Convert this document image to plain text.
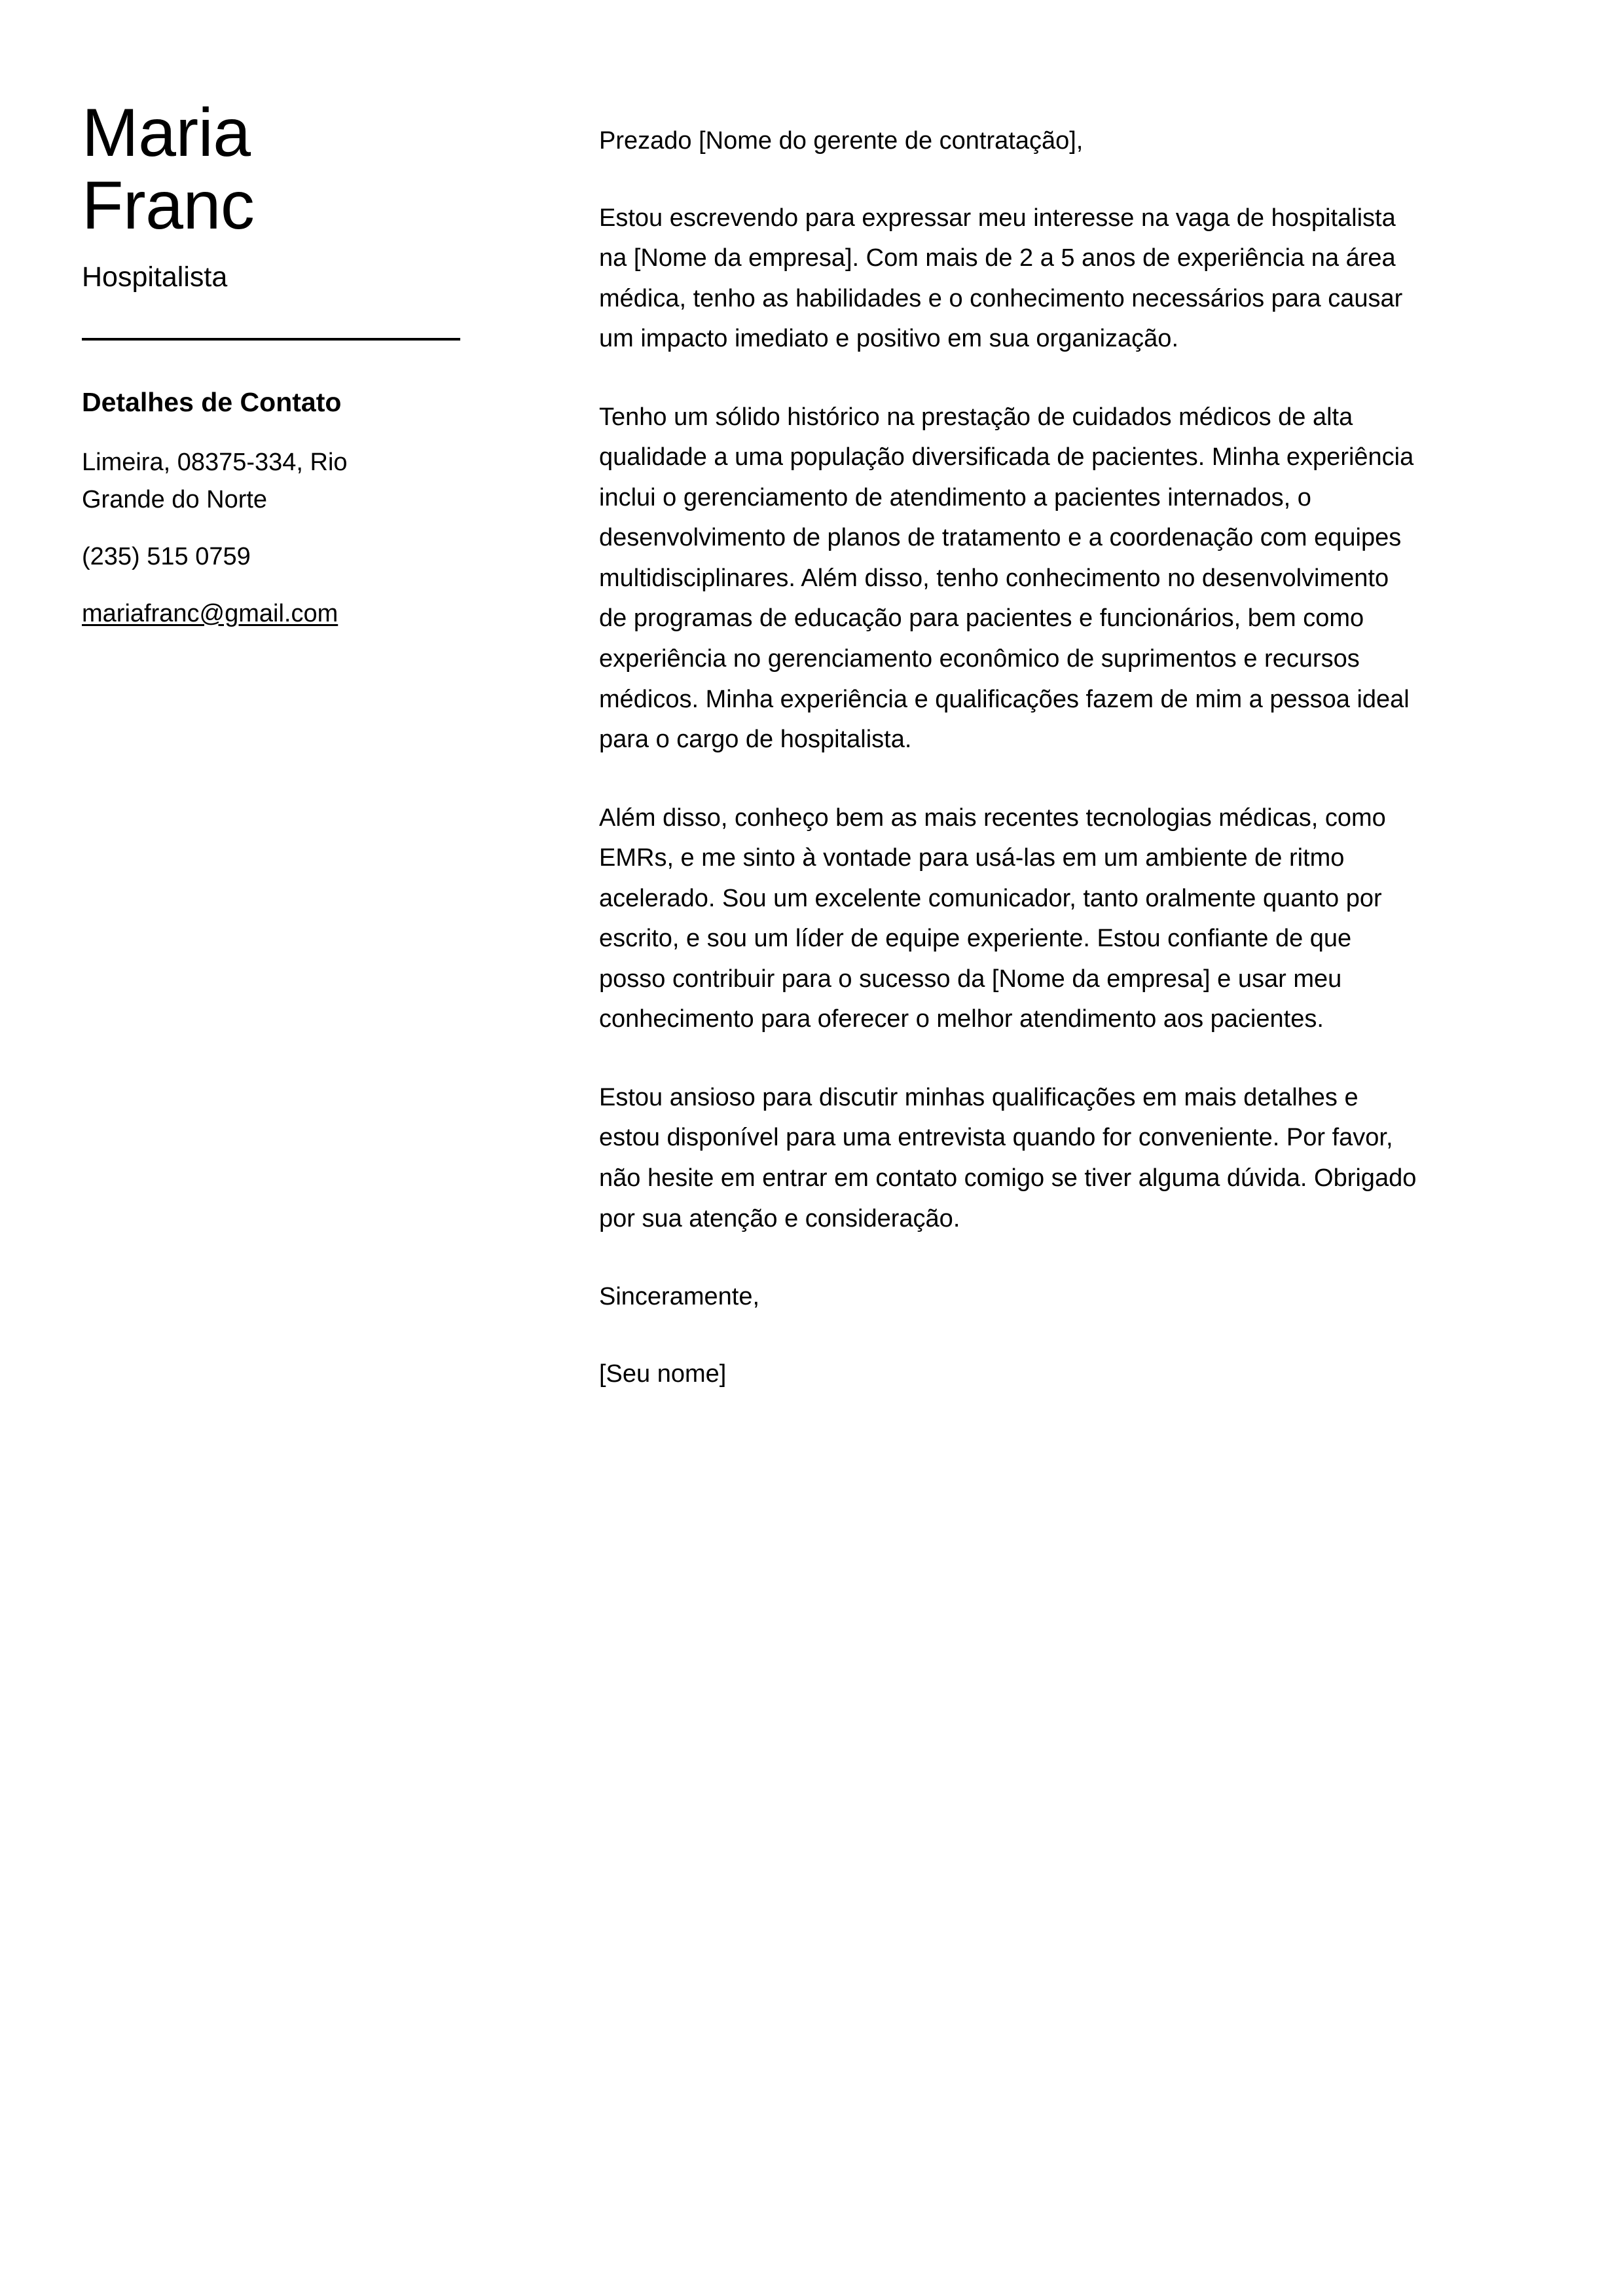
Maria
Franc
Hospitalista
Detalhes de Contato
Limeira, 08375-334, Rio Grande do Norte
(235) 515 0759
mariafranc@gmail.com

Prezado [Nome do gerente de contratação],

Estou escrevendo para expressar meu interesse na vaga de hospitalista na [Nome da empresa]. Com mais de 2 a 5 anos de experiência na área médica, tenho as habilidades e o conhecimento necessários para causar um impacto imediato e positivo em sua organização.

Tenho um sólido histórico na prestação de cuidados médicos de alta qualidade a uma população diversificada de pacientes. Minha experiência inclui o gerenciamento de atendimento a pacientes internados, o desenvolvimento de planos de tratamento e a coordenação com equipes multidisciplinares. Além disso, tenho conhecimento no desenvolvimento de programas de educação para pacientes e funcionários, bem como experiência no gerenciamento econômico de suprimentos e recursos médicos. Minha experiência e qualificações fazem de mim a pessoa ideal para o cargo de hospitalista.

Além disso, conheço bem as mais recentes tecnologias médicas, como EMRs, e me sinto à vontade para usá-las em um ambiente de ritmo acelerado. Sou um excelente comunicador, tanto oralmente quanto por escrito, e sou um líder de equipe experiente. Estou confiante de que posso contribuir para o sucesso da [Nome da empresa] e usar meu conhecimento para oferecer o melhor atendimento aos pacientes.

Estou ansioso para discutir minhas qualificações em mais detalhes e estou disponível para uma entrevista quando for conveniente. Por favor, não hesite em entrar em contato comigo se tiver alguma dúvida. Obrigado por sua atenção e consideração.

Sinceramente,

[Seu nome]
